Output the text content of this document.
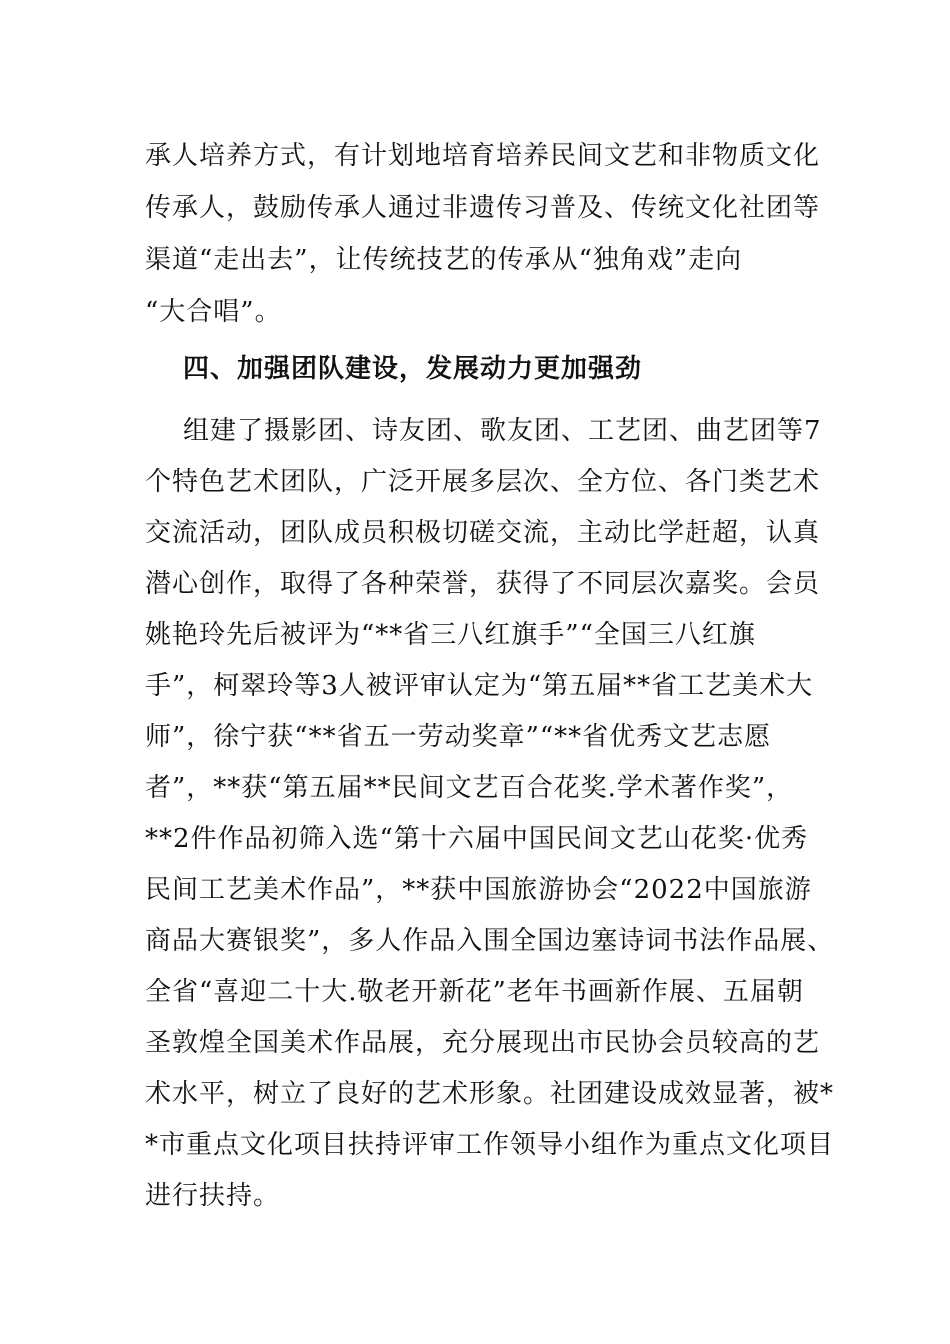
承人培养方式，有计划地培育培养民间文艺和非物质文化
传承人，鼓励传承人通过非遗传习普及、传统文化社团等
渠道“走出去”，让传统技艺的传承从“独角戏”走向
“大合唱”。
四、加强团队建设，发展动力更加强劲
组建了摄影团、诗友团、歌友团、工艺团、曲艺团等7
个特色艺术团队，广泛开展多层次、全方位、各门类艺术
交流活动，团队成员积极切磋交流，主动比学赶超，认真
潜心创作，取得了各种荣誉，获得了不同层次嘉奖。会员
姚艳玲先后被评为“**省三八红旗手”“全国三八红旗
手”，柯翠玲等3人被评审认定为“第五届**省工艺美术大
师”，徐宁获“**省五一劳动奖章”“**省优秀文艺志愿
者”，**获“第五届**民间文艺百合花奖.学术著作奖”，
**2件作品初筛入选“第十六届中国民间文艺山花奖·优秀
民间工艺美术作品”，**获中国旅游协会“2022中国旅游
商品大赛银奖”，多人作品入围全国边塞诗词书法作品展、
全省“喜迎二十大.敬老开新花”老年书画新作展、五届朝
圣敦煌全国美术作品展，充分展现出市民协会员较高的艺
术水平，树立了良好的艺术形象。社团建设成效显著，被*
*市重点文化项目扶持评审工作领导小组作为重点文化项目
进行扶持。
